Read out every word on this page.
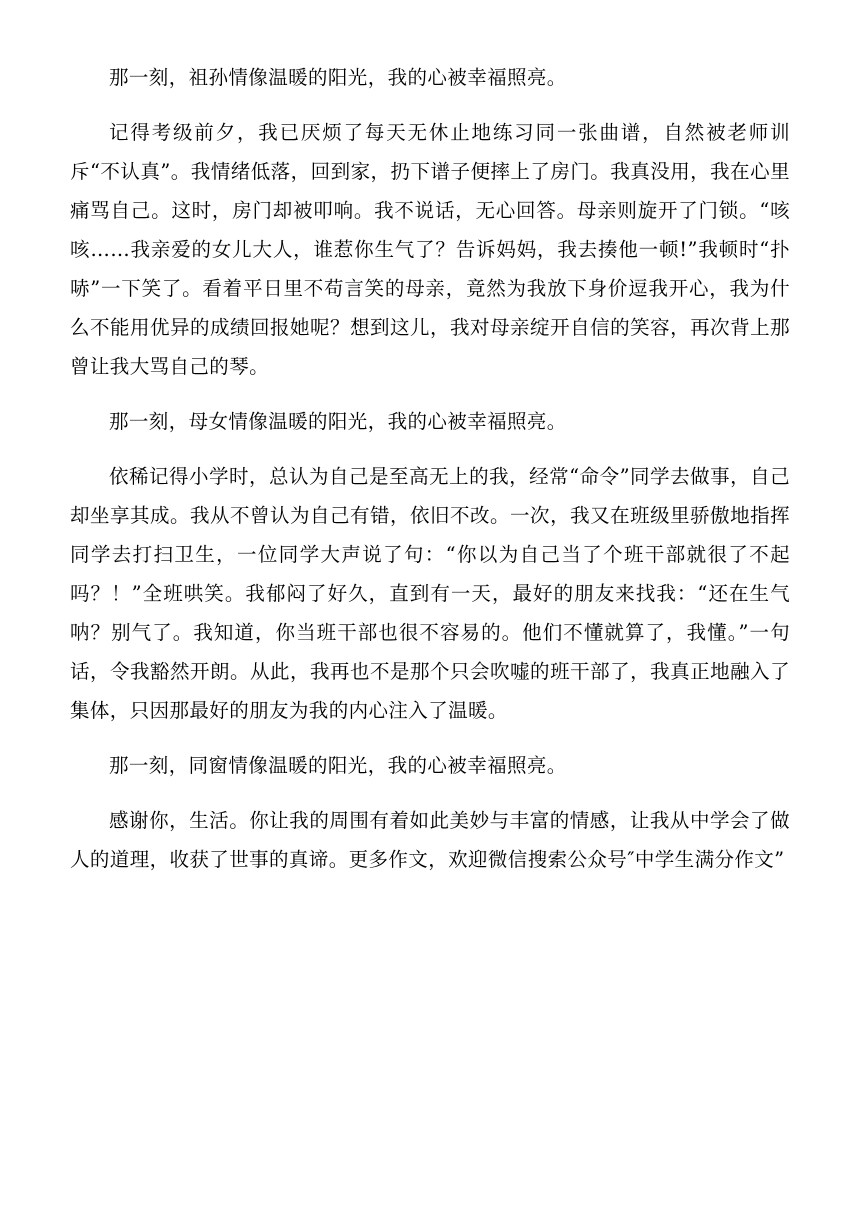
那一刻，祖孙情像温暖的阳光，我的心被幸福照亮。

记得考级前夕，我已厌烦了每天无休止地练习同一张曲谱，自然被老师训斥“不认真”。我情绪低落，回到家，扔下谱子便摔上了房门。我真没用，我在心里痛骂自己。这时，房门却被叩响。我不说话，无心回答。母亲则旋开了门锁。“咳咳……我亲爱的女儿大人，谁惹你生气了？告诉妈妈，我去揍他一顿!”我顿时“扑哧”一下笑了。看着平日里不苟言笑的母亲，竟然为我放下身价逗我开心，我为什么不能用优异的成绩回报她呢？想到这儿，我对母亲绽开自信的笑容，再次背上那曾让我大骂自己的琴。

那一刻，母女情像温暖的阳光，我的心被幸福照亮。

依稀记得小学时，总认为自己是至高无上的我，经常“命令”同学去做事，自己却坐享其成。我从不曾认为自己有错，依旧不改。一次，我又在班级里骄傲地指挥同学去打扫卫生，一位同学大声说了句：“你以为自己当了个班干部就很了不起吗？！”全班哄笑。我郁闷了好久，直到有一天，最好的朋友来找我：“还在生气呐？别气了。我知道，你当班干部也很不容易的。他们不懂就算了，我懂。”一句话，令我豁然开朗。从此，我再也不是那个只会吹嘘的班干部了，我真正地融入了集体，只因那最好的朋友为我的内心注入了温暖。

那一刻，同窗情像温暖的阳光，我的心被幸福照亮。

感谢你，生活。你让我的周围有着如此美妙与丰富的情感，让我从中学会了做人的道理，收获了世事的真谛。更多作文，欢迎微信搜索公众号″中学生满分作文”
